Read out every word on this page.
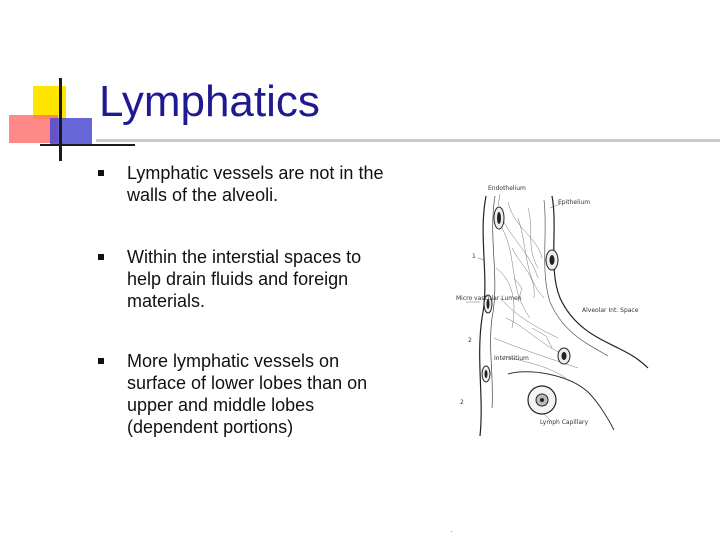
Lymphatics
Lymphatic vessels are not in the walls of the alveoli.
Within the interstial spaces to help drain fluids and foreign materials.
More lymphatic vessels on surface of lower lobes than on upper and middle lobes (dependent portions)
Endothelium
Epithelium
1
Micro vascular Lumen
Alveolar Int. Space
Interstitium
2
2
Lymph Capillary
